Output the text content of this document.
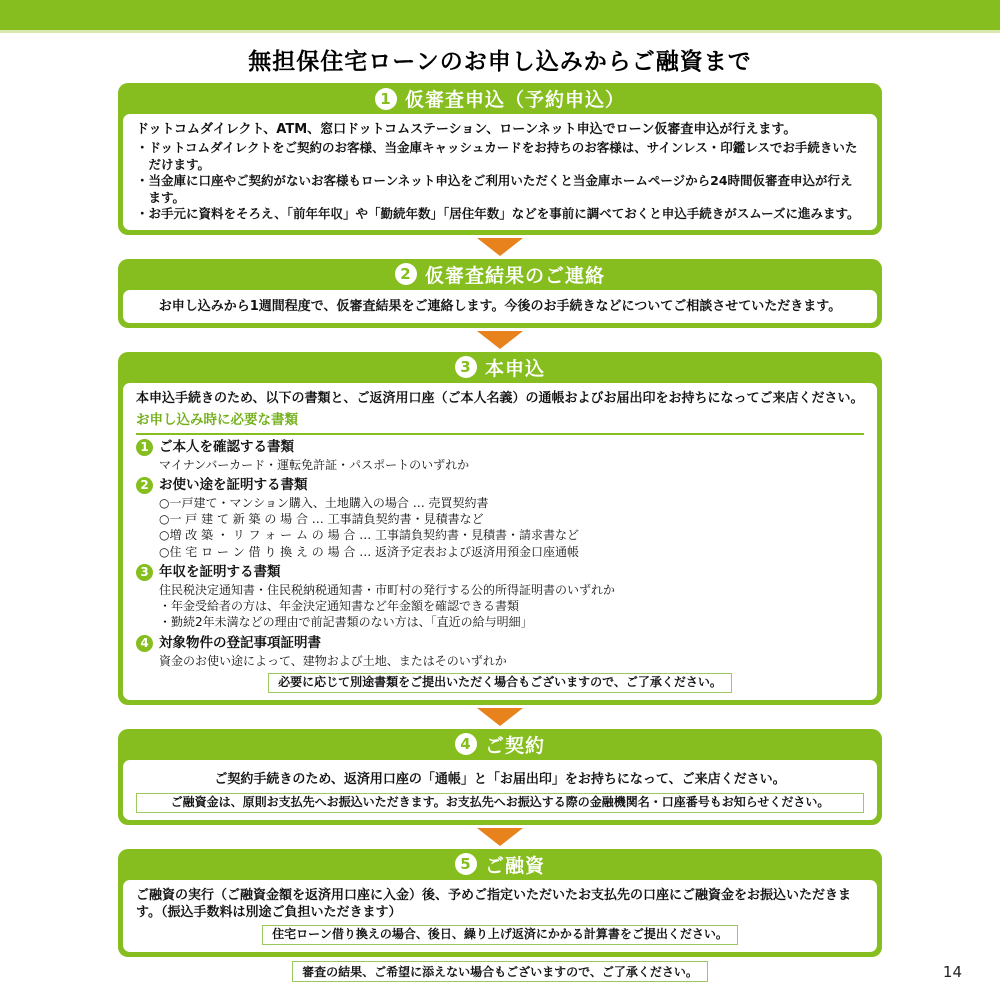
無担保住宅ローンのお申し込みからご融資まで
1 仮審査申込（予約申込）
ドットコムダイレクト、ATM、窓口ドットコムステーション、ローンネット申込でローン仮審査申込が行えます。
・ドットコムダイレクトをご契約のお客様、当金庫キャッシュカードをお持ちのお客様は、サインレス・印鑑レスでお手続きいただけます。
・当金庫に口座やご契約がないお客様もローンネット申込をご利用いただくと当金庫ホームページから24時間仮審査申込が行えます。
・お手元に資料をそろえ、「前年年収」や「勤続年数」「居住年数」などを事前に調べておくと申込手続きがスムーズに進みます。
2 仮審査結果のご連絡
お申し込みから1週間程度で、仮審査結果をご連絡します。今後のお手続きなどについてご相談させていただきます。
3 本申込
本申込手続きのため、以下の書類と、ご返済用口座（ご本人名義）の通帳およびお届出印をお持ちになってご来店ください。
お申し込み時に必要な書類
1 ご本人を確認する書類
マイナンバーカード・運転免許証・パスポートのいずれか
2 お使い途を証明する書類
○一戸建て・マンション購入、土地購入の場合 … 売買契約書
○一 戸 建 て 新 築 の 場 合 … 工事請負契約書・見積書など
○増 改 築 ・ リ フ ォ ー ム の 場 合 … 工事請負契約書・見積書・請求書など
○住 宅 ロ ー ン 借 り 換 え の 場 合 … 返済予定表および返済用預金口座通帳
3 年収を証明する書類
住民税決定通知書・住民税納税通知書・市町村の発行する公的所得証明書のいずれか
・年金受給者の方は、年金決定通知書など年金額を確認できる書類
・勤続2年未満などの理由で前記書類のない方は、「直近の給与明細」
4 対象物件の登記事項証明書
資金のお使い途によって、建物および土地、またはそのいずれか
必要に応じて別途書類をご提出いただく場合もございますので、ご了承ください。
4 ご契約
ご契約手続きのため、返済用口座の「通帳」と「お届出印」をお持ちになって、ご来店ください。
ご融資金は、原則お支払先へお振込いただきます。お支払先へお振込する際の金融機関名・口座番号もお知らせください。
5 ご融資
ご融資の実行（ご融資金額を返済用口座に入金）後、予めご指定いただいたお支払先の口座にご融資金をお振込いただきます。（振込手数料は別途ご負担いただきます）
住宅ローン借り換えの場合、後日、繰り上げ返済にかかる計算書をご提出ください。
審査の結果、ご希望に添えない場合もございますので、ご了承ください。	14
